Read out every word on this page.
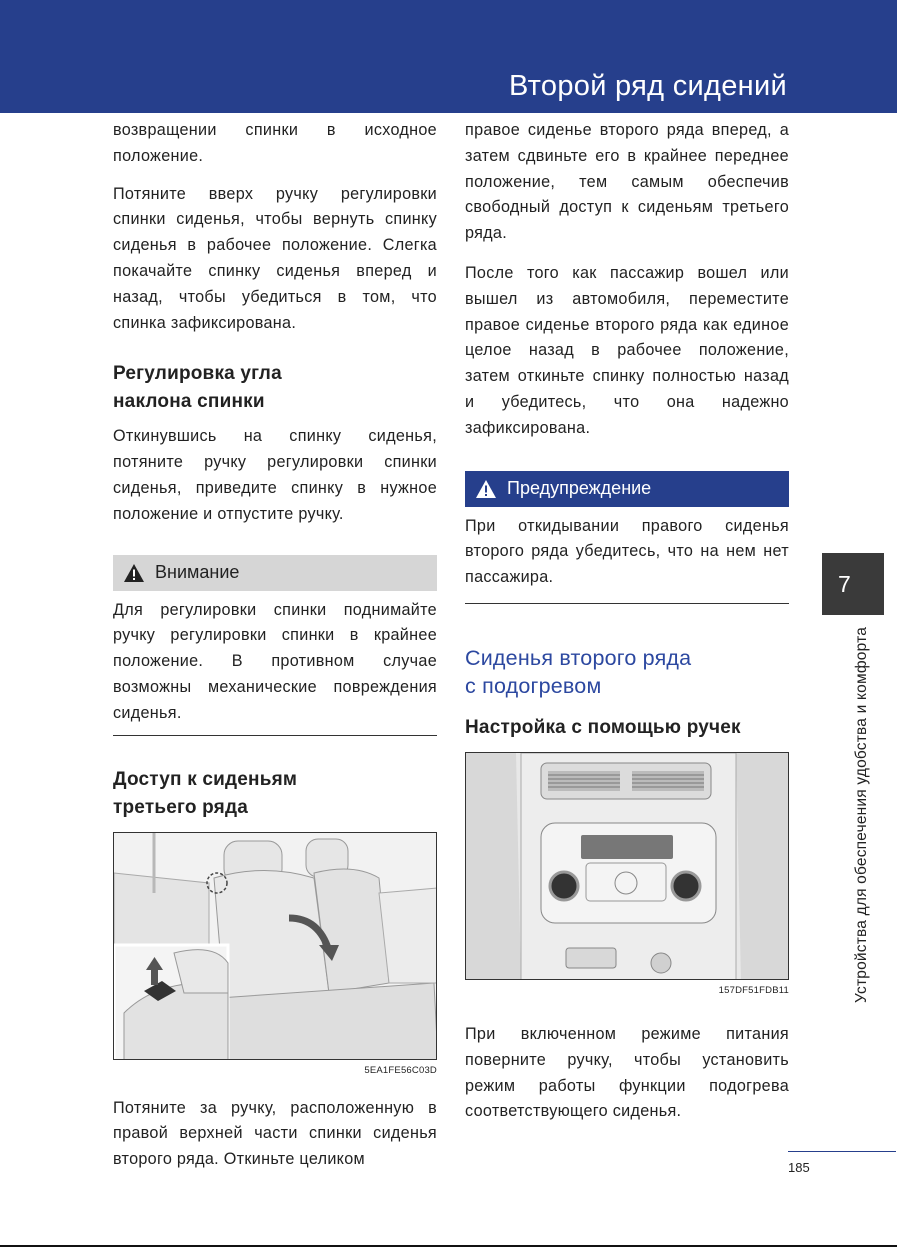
Второй ряд сидений

возвращении спинки в исходное положение.

Потяните вверх ручку регулировки спинки сиденья, чтобы вернуть спинку сиденья в рабочее положение. Слегка покачайте спинку сиденья вперед и назад, чтобы убедиться в том, что спинка зафиксирована.

Регулировка угла
наклона спинки

Откинувшись на спинку сиденья, потяните ручку регулировки спинки сиденья, приведите спинку в нужное положение и отпустите ручку.

Внимание

Для регулировки спинки поднимайте ручку регулировки спинки в крайнее положение. В противном случае возможны механические повреждения сиденья.

Доступ к сиденьям
третьего ряда
5EA1FE56C03D

Потяните за ручку, расположенную в правой верхней части спинки сиденья второго ряда. Откиньте целиком

правое сиденье второго ряда вперед, а затем сдвиньте его в крайнее переднее положение, тем самым обеспечив свободный доступ к сиденьям третьего ряда.

После того как пассажир вошел или вышел из автомобиля, переместите правое сиденье второго ряда как единое целое назад в рабочее положение, затем откиньте спинку полностью назад и убедитесь, что она надежно зафиксирована.

Предупреждение

При откидывании правого сиденья второго ряда убедитесь, что на нем нет пассажира.

Сиденья второго ряда
с подогревом
Настройка с помощью ручек
157DF51FDB11

При включенном режиме питания поверните ручку, чтобы установить режим работы функции подогрева соответствующего сиденья.

7
Устройства для обеспечения удобства и комфорта
185
